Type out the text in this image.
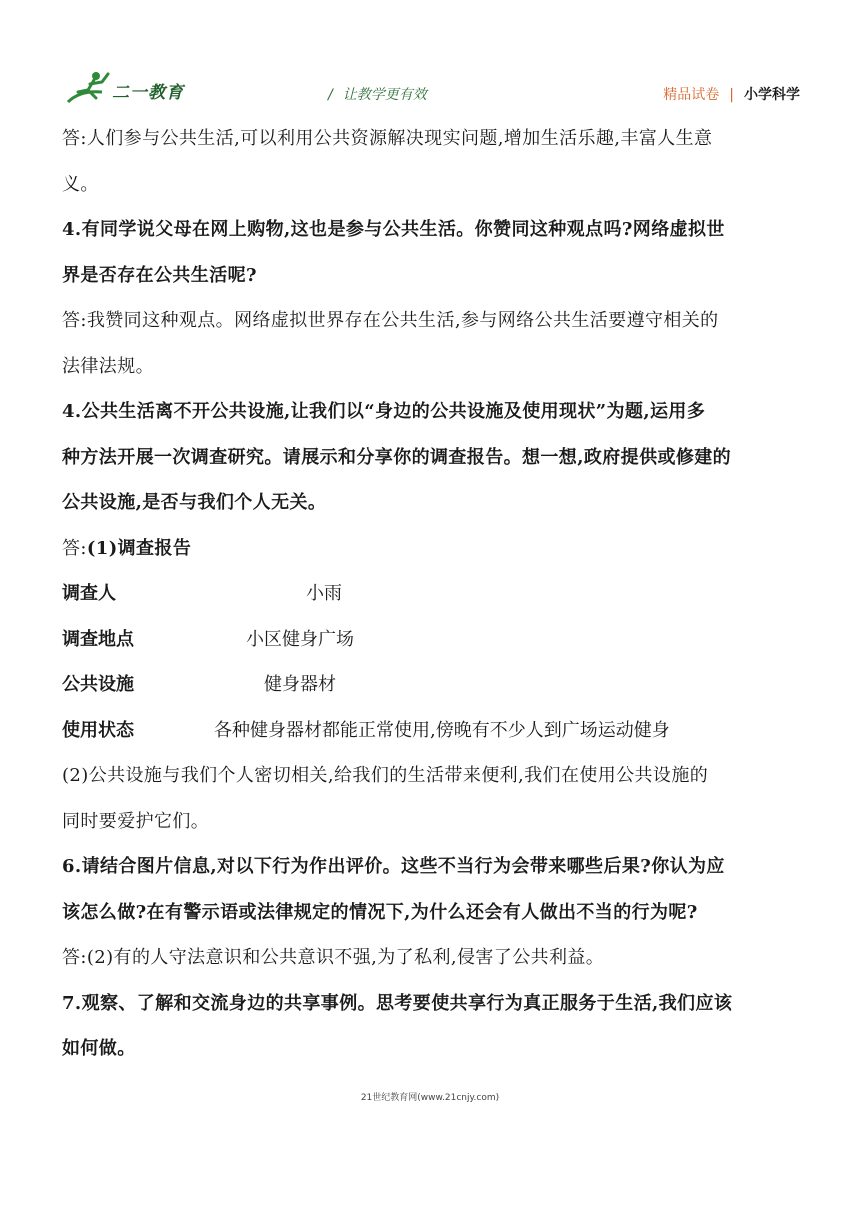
二一教育	/ 让教学更有效	精品试卷 | 小学科学
答:人们参与公共生活,可以利用公共资源解决现实问题,增加生活乐趣,丰富人生意
义。
4.有同学说父母在网上购物,这也是参与公共生活。你赞同这种观点吗?网络虚拟世
界是否存在公共生活呢?
答:我赞同这种观点。网络虚拟世界存在公共生活,参与网络公共生活要遵守相关的
法律法规。
4.公共生活离不开公共设施,让我们以“身边的公共设施及使用现状”为题,运用多
种方法开展一次调查研究。请展示和分享你的调查报告。想一想,政府提供或修建的
公共设施,是否与我们个人无关。
答:(1)调查报告
调查人	小雨
调查地点	小区健身广场
公共设施	健身器材
使用状态	各种健身器材都能正常使用,傍晚有不少人到广场运动健身
(2)公共设施与我们个人密切相关,给我们的生活带来便利,我们在使用公共设施的
同时要爱护它们。
6.请结合图片信息,对以下行为作出评价。这些不当行为会带来哪些后果?你认为应
该怎么做?在有警示语或法律规定的情况下,为什么还会有人做出不当的行为呢?
答:(2)有的人守法意识和公共意识不强,为了私利,侵害了公共利益。
7.观察、了解和交流身边的共享事例。思考要使共享行为真正服务于生活,我们应该
如何做。
21世纪教育网(www.21cnjy.com)
